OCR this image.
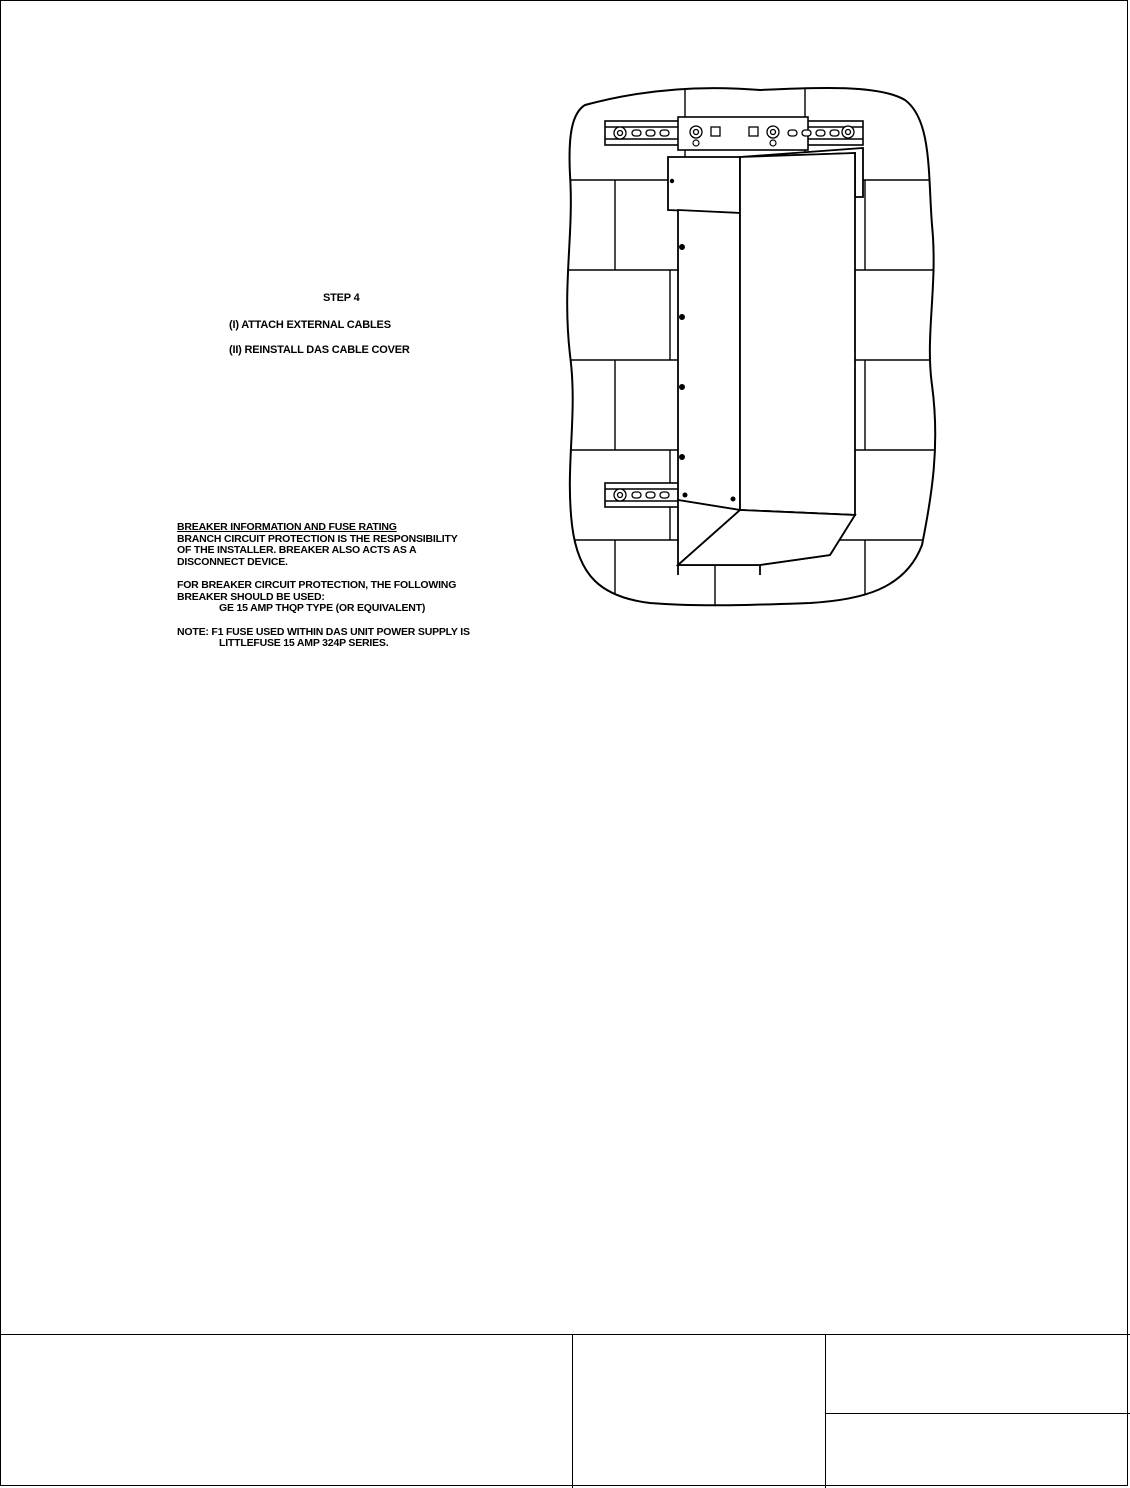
STEP 4
(I) ATTACH EXTERNAL CABLES
(II) REINSTALL DAS CABLE COVER

BREAKER INFORMATION AND FUSE RATING

BRANCH CIRCUIT PROTECTION IS THE RESPONSIBILITY

OF THE INSTALLER. BREAKER ALSO ACTS AS A

DISCONNECT DEVICE.

FOR BREAKER CIRCUIT PROTECTION, THE FOLLOWING

BREAKER SHOULD BE USED:

GE 15 AMP THQP TYPE (OR EQUIVALENT)

NOTE: F1 FUSE USED WITHIN DAS UNIT POWER SUPPLY IS

LITTLEFUSE 15 AMP 324P SERIES.
